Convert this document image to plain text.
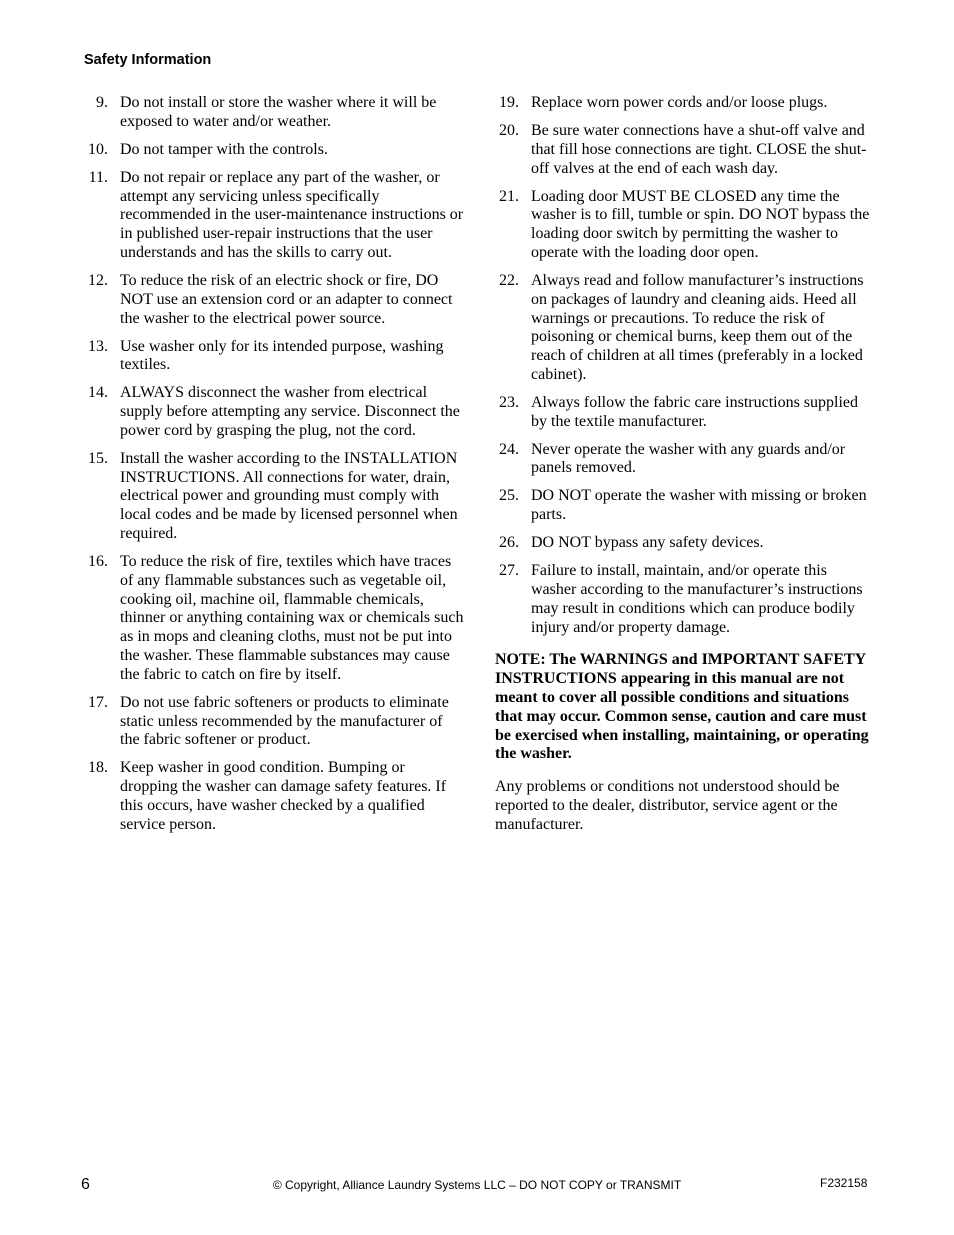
Safety Information
9. Do not install or store the washer where it will be exposed to water and/or weather.
10. Do not tamper with the controls.
11. Do not repair or replace any part of the washer, or attempt any servicing unless specifically recommended in the user-maintenance instructions or in published user-repair instructions that the user understands and has the skills to carry out.
12. To reduce the risk of an electric shock or fire, DO NOT use an extension cord or an adapter to connect the washer to the electrical power source.
13. Use washer only for its intended purpose, washing textiles.
14. ALWAYS disconnect the washer from electrical supply before attempting any service. Disconnect the power cord by grasping the plug, not the cord.
15. Install the washer according to the INSTALLATION INSTRUCTIONS. All connections for water, drain, electrical power and grounding must comply with local codes and be made by licensed personnel when required.
16. To reduce the risk of fire, textiles which have traces of any flammable substances such as vegetable oil, cooking oil, machine oil, flammable chemicals, thinner or anything containing wax or chemicals such as in mops and cleaning cloths, must not be put into the washer. These flammable substances may cause the fabric to catch on fire by itself.
17. Do not use fabric softeners or products to eliminate static unless recommended by the manufacturer of the fabric softener or product.
18. Keep washer in good condition. Bumping or dropping the washer can damage safety features. If this occurs, have washer checked by a qualified service person.
19. Replace worn power cords and/or loose plugs.
20. Be sure water connections have a shut-off valve and that fill hose connections are tight. CLOSE the shut-off valves at the end of each wash day.
21. Loading door MUST BE CLOSED any time the washer is to fill, tumble or spin. DO NOT bypass the loading door switch by permitting the washer to operate with the loading door open.
22. Always read and follow manufacturer’s instructions on packages of laundry and cleaning aids. Heed all warnings or precautions. To reduce the risk of poisoning or chemical burns, keep them out of the reach of children at all times (preferably in a locked cabinet).
23. Always follow the fabric care instructions supplied by the textile manufacturer.
24. Never operate the washer with any guards and/or panels removed.
25. DO NOT operate the washer with missing or broken parts.
26. DO NOT bypass any safety devices.
27. Failure to install, maintain, and/or operate this washer according to the manufacturer’s instructions may result in conditions which can produce bodily injury and/or property damage.
NOTE: The WARNINGS and IMPORTANT SAFETY INSTRUCTIONS appearing in this manual are not meant to cover all possible conditions and situations that may occur. Common sense, caution and care must be exercised when installing, maintaining, or operating the washer.
Any problems or conditions not understood should be reported to the dealer, distributor, service agent or the manufacturer.
6	© Copyright, Alliance Laundry Systems LLC – DO NOT COPY or TRANSMIT	F232158
